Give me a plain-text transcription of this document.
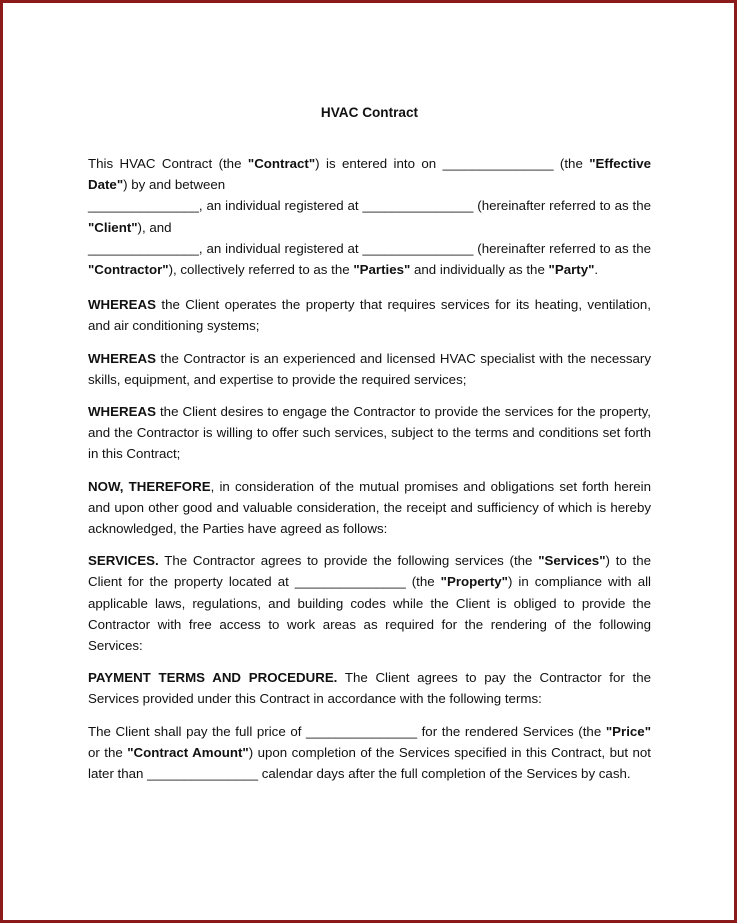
HVAC Contract
This HVAC Contract (the "Contract") is entered into on _______________ (the "Effective Date") by and between
_______________, an individual registered at _______________ (hereinafter referred to as the "Client"), and
_______________, an individual registered at _______________ (hereinafter referred to as the "Contractor"), collectively referred to as the "Parties" and individually as the "Party".
WHEREAS the Client operates the property that requires services for its heating, ventilation, and air conditioning systems;
WHEREAS the Contractor is an experienced and licensed HVAC specialist with the necessary skills, equipment, and expertise to provide the required services;
WHEREAS the Client desires to engage the Contractor to provide the services for the property, and the Contractor is willing to offer such services, subject to the terms and conditions set forth in this Contract;
NOW, THEREFORE, in consideration of the mutual promises and obligations set forth herein and upon other good and valuable consideration, the receipt and sufficiency of which is hereby acknowledged, the Parties have agreed as follows:
SERVICES. The Contractor agrees to provide the following services (the "Services") to the Client for the property located at _______________ (the "Property") in compliance with all applicable laws, regulations, and building codes while the Client is obliged to provide the Contractor with free access to work areas as required for the rendering of the following Services:
PAYMENT TERMS AND PROCEDURE. The Client agrees to pay the Contractor for the Services provided under this Contract in accordance with the following terms:
The Client shall pay the full price of _______________ for the rendered Services (the "Price" or the "Contract Amount") upon completion of the Services specified in this Contract, but not later than _______________ calendar days after the full completion of the Services by cash.
